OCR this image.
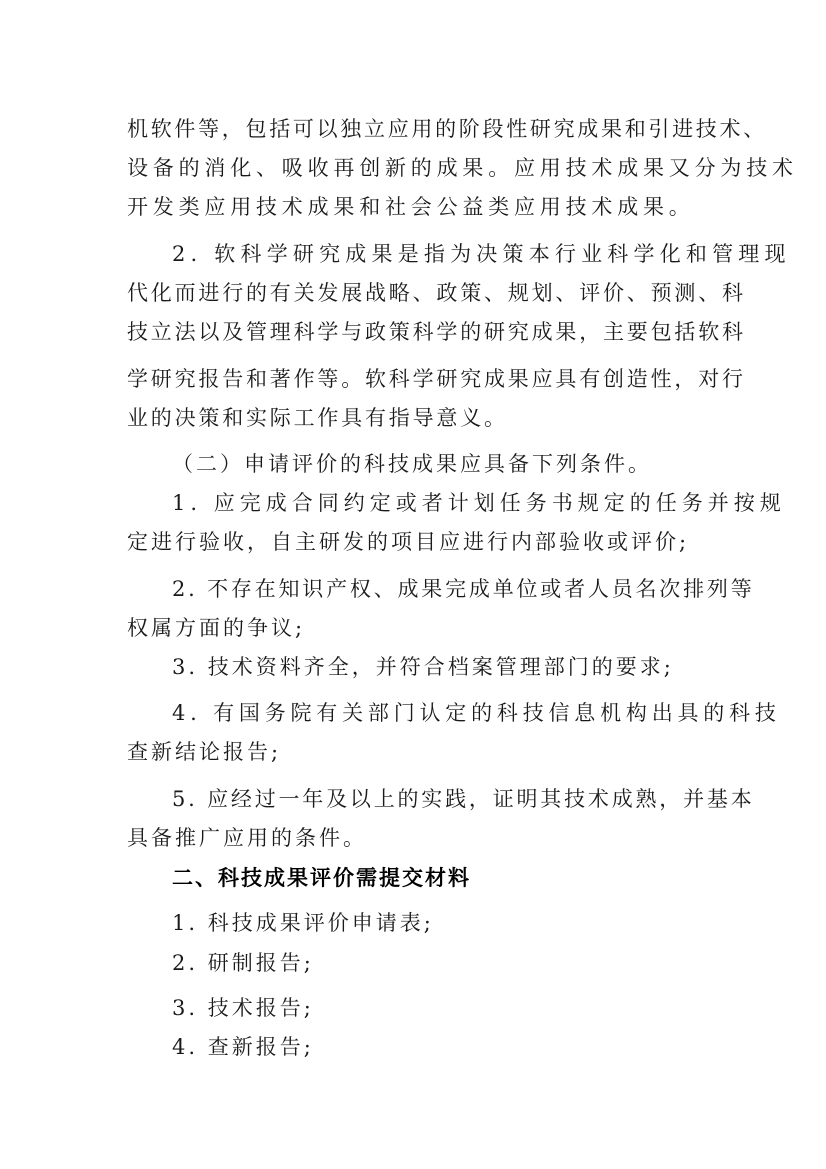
机软件等，包括可以独立应用的阶段性研究成果和引进技术、

设备的消化、吸收再创新的成果。应用技术成果又分为技术

开发类应用技术成果和社会公益类应用技术成果。

2. 软科学研究成果是指为决策本行业科学化和管理现

代化而进行的有关发展战略、政策、规划、评价、预测、科

技立法以及管理科学与政策科学的研究成果，主要包括软科

学研究报告和著作等。软科学研究成果应具有创造性，对行

业的决策和实际工作具有指导意义。

（二）申请评价的科技成果应具备下列条件。

1. 应完成合同约定或者计划任务书规定的任务并按规

定进行验收，自主研发的项目应进行内部验收或评价;

2. 不存在知识产权、成果完成单位或者人员名次排列等

权属方面的争议;

3. 技术资料齐全，并符合档案管理部门的要求;

4. 有国务院有关部门认定的科技信息机构出具的科技

查新结论报告;

5. 应经过一年及以上的实践，证明其技术成熟，并基本

具备推广应用的条件。

二、科技成果评价需提交材料

1. 科技成果评价申请表;

2. 研制报告;

3. 技术报告;

4. 查新报告;
